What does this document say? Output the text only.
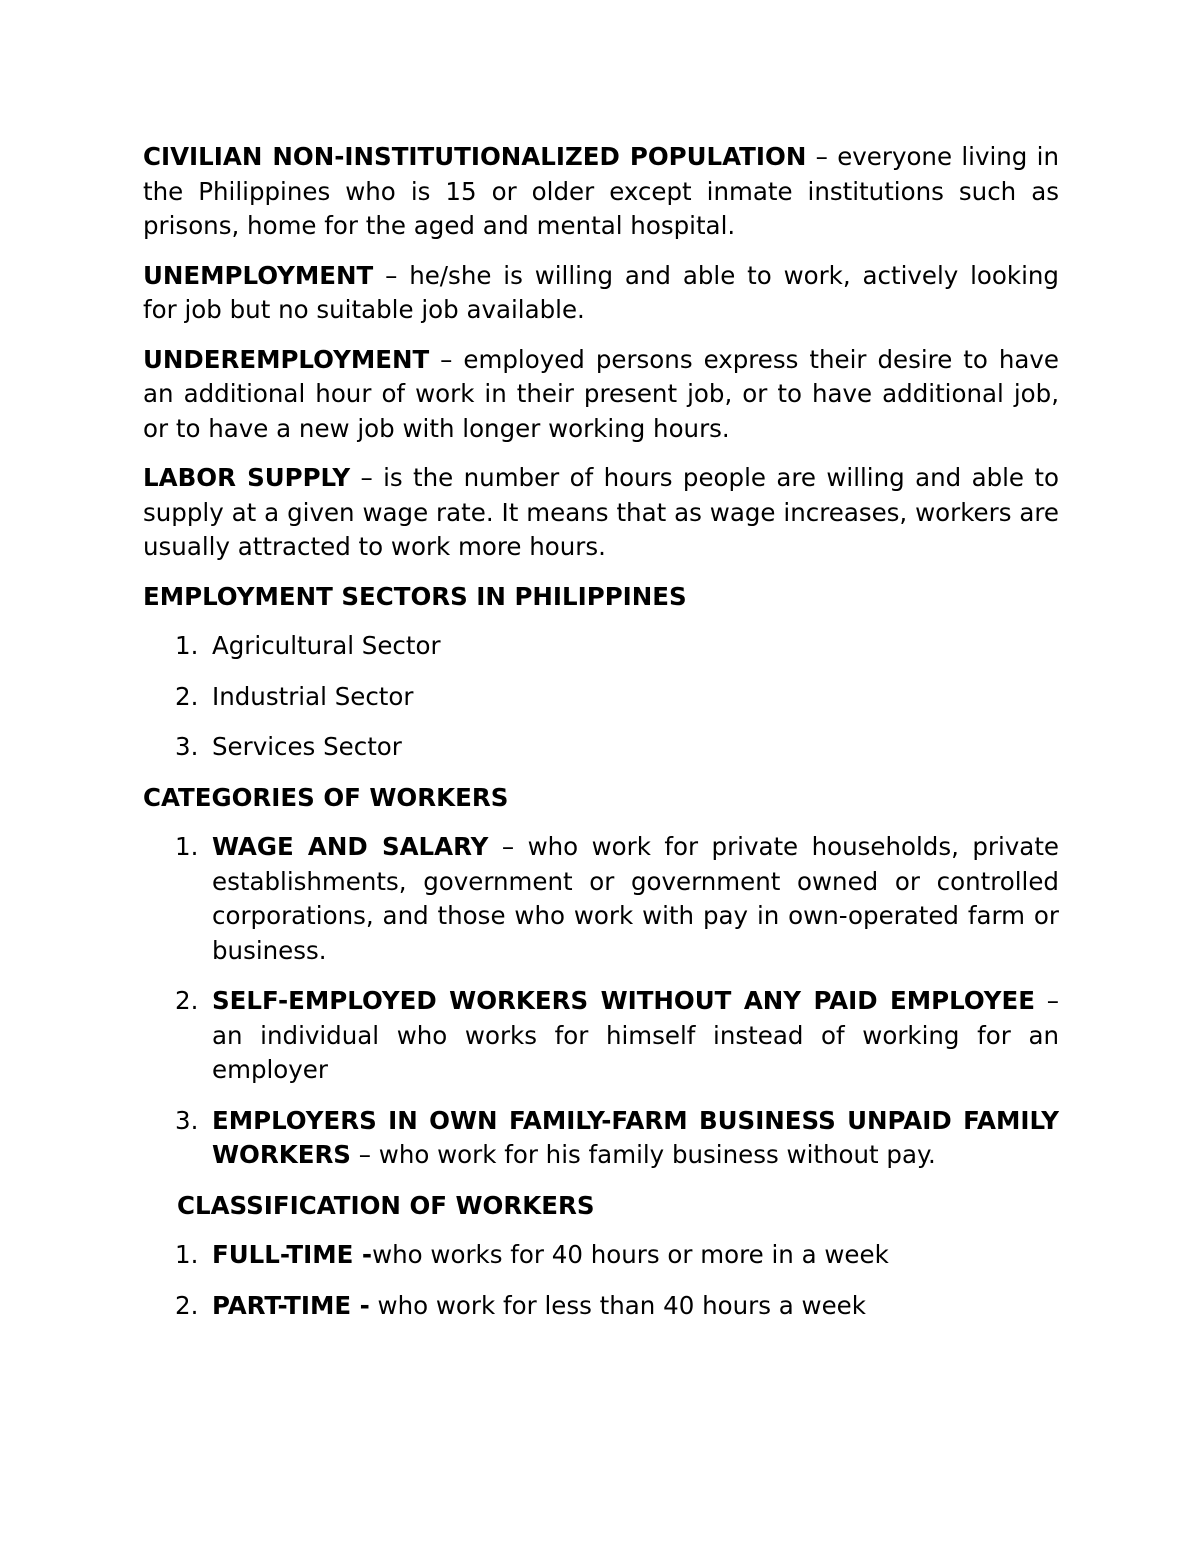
CIVILIAN NON-INSTITUTIONALIZED POPULATION – everyone living in the Philippines who is 15 or older except inmate institutions such as prisons, home for the aged and mental hospital.

UNEMPLOYMENT – he/she is willing and able to work, actively looking for job but no suitable job available.

UNDEREMPLOYMENT – employed persons express their desire to have an additional hour of work in their present job, or to have additional job, or to have a new job with longer working hours.

LABOR SUPPLY – is the number of hours people are willing and able to supply at a given wage rate. It means that as wage increases, workers are usually attracted to work more hours.

EMPLOYMENT SECTORS IN PHILIPPINES
1. Agricultural Sector
2. Industrial Sector
3. Services Sector
CATEGORIES OF WORKERS
1. WAGE AND SALARY – who work for private households, private establishments, government or government owned or controlled corporations, and those who work with pay in own-operated farm or business.
2. SELF-EMPLOYED WORKERS WITHOUT ANY PAID EMPLOYEE – an individual who works for himself instead of working for an employer
3. EMPLOYERS IN OWN FAMILY-FARM BUSINESS UNPAID FAMILY WORKERS – who work for his family business without pay.
CLASSIFICATION OF WORKERS
1. FULL-TIME -who works for 40 hours or more in a week
2. PART-TIME - who work for less than 40 hours a week
